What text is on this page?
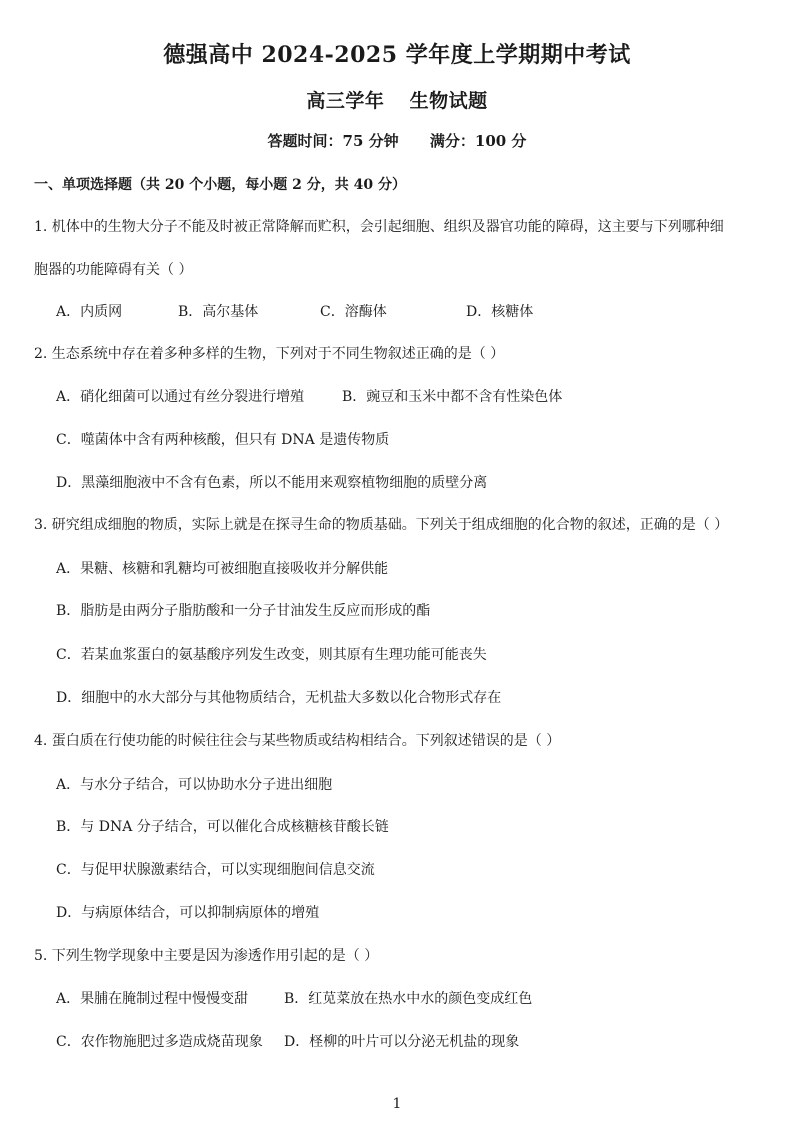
德强高中 2024-2025 学年度上学期期中考试
高三学年 生物试题
答题时间：75 分钟 满分：100 分
一、单项选择题（共 20 个小题，每小题 2 分，共 40 分）
1. 机体中的生物大分子不能及时被正常降解而贮积，会引起细胞、组织及器官功能的障碍，这主要与下列哪种细
胞器的功能障碍有关（ ）
A．内质网	B．高尔基体	C．溶酶体	D．核糖体
2. 生态系统中存在着多种多样的生物，下列对于不同生物叙述正确的是（ ）
A．硝化细菌可以通过有丝分裂进行增殖	B．豌豆和玉米中都不含有性染色体
C．噬菌体中含有两种核酸，但只有 DNA 是遗传物质
D．黑藻细胞液中不含有色素，所以不能用来观察植物细胞的质壁分离
3. 研究组成细胞的物质，实际上就是在探寻生命的物质基础。下列关于组成细胞的化合物的叙述，正确的是（ ）
A．果糖、核糖和乳糖均可被细胞直接吸收并分解供能
B．脂肪是由两分子脂肪酸和一分子甘油发生反应而形成的酯
C．若某血浆蛋白的氨基酸序列发生改变，则其原有生理功能可能丧失
D．细胞中的水大部分与其他物质结合，无机盐大多数以化合物形式存在
4. 蛋白质在行使功能的时候往往会与某些物质或结构相结合。下列叙述错误的是（ ）
A．与水分子结合，可以协助水分子进出细胞
B．与 DNA 分子结合，可以催化合成核糖核苷酸长链
C．与促甲状腺激素结合，可以实现细胞间信息交流
D．与病原体结合，可以抑制病原体的增殖
5. 下列生物学现象中主要是因为渗透作用引起的是（ ）
A．果脯在腌制过程中慢慢变甜	B．红苋菜放在热水中水的颜色变成红色
C．农作物施肥过多造成烧苗现象 D．柽柳的叶片可以分泌无机盐的现象
1
